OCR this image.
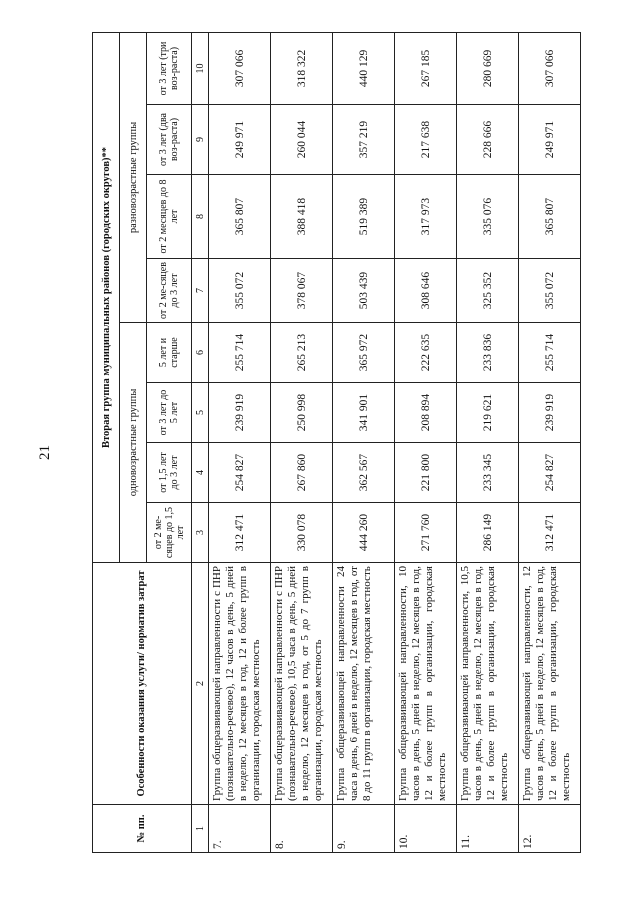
21
№ пп.	Особенности оказания услуги/ норматив затрат	Вторая группа муниципальных районов (городских округов)**							
		одновозрастные группы				разновозрастные группы			
		от 2 ме-сяцев до 1,5 лет	от 1,5 лет до 3 лет	от 3 лет до 5 лет	5 лет и старше	от 2 ме-сяцев до 3 лет	от 2 месяцев до 8 лет	от 3 лет (два воз-раста)	от 3 лет (три воз-раста)
1	2	3	4	5	6	7	8	9	10
7.	Группа общеразвивающей направленности с ПНР (познавательно-речевое), 12 часов в день, 5 дней в неделю, 12 месяцев в год, 12 и более групп в организации, городская местность	312 471	254 827	239 919	255 714	355 072	365 807	249 971	307 066
8.	Группа общеразвивающей направленности с ПНР (познавательно-речевое), 10,5 часа в день, 5 дней в неделю, 12 месяцев в год, от 5 до 7 групп в организации, городская местность	330 078	267 860	250 998	265 213	378 067	388 418	260 044	318 322
9.	Группа общеразвивающей направленности 24 часа в день, 6 дней в неделю, 12 месяцев в год, от 8 до 11 групп в организации, городская местность	444 260	362 567	341 901	365 972	503 439	519 389	357 219	440 129
10.	Группа общеразвивающей направленности, 10 часов в день, 5 дней в неделю, 12 месяцев в год, 12 и более групп в организации, городская местность	271 760	221 800	208 894	222 635	308 646	317 973	217 638	267 185
11.	Группа общеразвивающей направленности, 10,5 часов в день, 5 дней в неделю, 12 месяцев в год, 12 и более групп в организации, городская местность	286 149	233 345	219 621	233 836	325 352	335 076	228 666	280 669
12.	Группа общеразвивающей направленности, 12 часов в день, 5 дней в неделю, 12 месяцев в год, 12 и более групп в организации, городская местность	312 471	254 827	239 919	255 714	355 072	365 807	249 971	307 066
